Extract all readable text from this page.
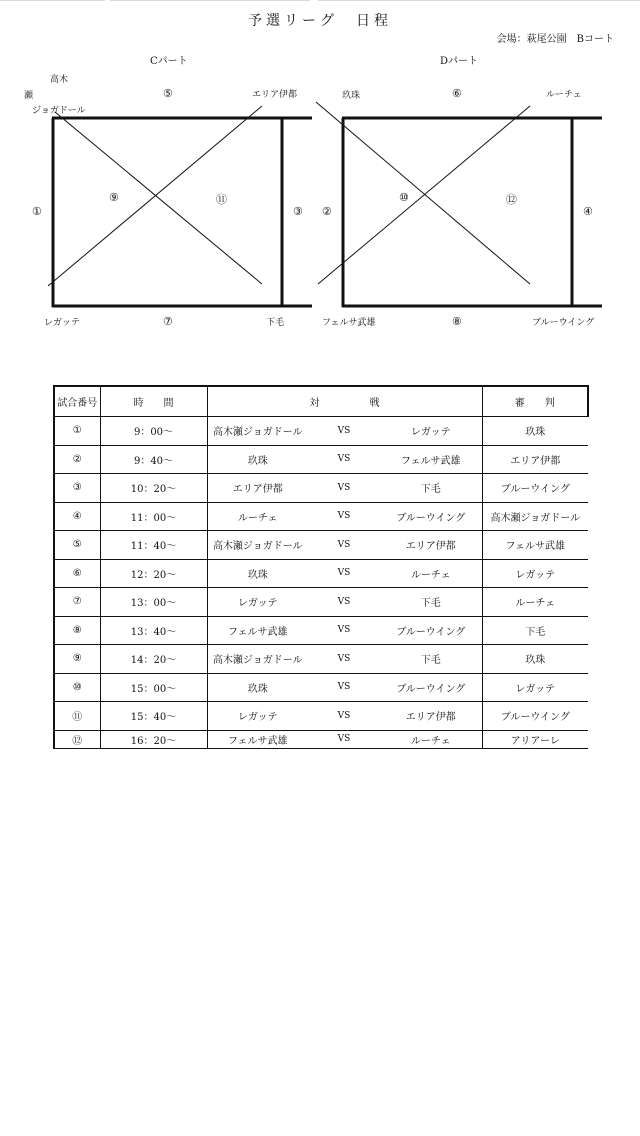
予選リーグ　日程
会場：萩尾公園　Bコート
Cパート
高木
瀬
ジョガドール
⑤	エリア伊都
①
⑨	⑪
③
レガッテ	⑦	下毛
Dパート
玖珠	⑥	ルーチェ
②
⑩	⑫
④
フェルサ武雄	⑧	ブルーウイング
試合番号	時　　間	対　　　　　戦			審　　判
①	9：00～	高木瀬ジョガドール	VS	レガッテ	玖珠
②	9：40～	玖珠	VS	フェルサ武雄	エリア伊都
③	10：20～	エリア伊都	VS	下毛	ブルーウイング
④	11：00～	ルーチェ	VS	ブルーウイング	高木瀬ジョガドール
⑤	11：40～	高木瀬ジョガドール	VS	エリア伊都	フェルサ武雄
⑥	12：20～	玖珠	VS	ルーチェ	レガッテ
⑦	13：00～	レガッテ	VS	下毛	ルーチェ
⑧	13：40～	フェルサ武雄	VS	ブルーウイング	下毛
⑨	14：20～	高木瀬ジョガドール	VS	下毛	玖珠
⑩	15：00～	玖珠	VS	ブルーウイング	レガッテ
⑪	15：40～	レガッテ	VS	エリア伊都	ブルーウイング
⑫	16：20～	フェルサ武雄	VS	ルーチェ	アリアーレ
